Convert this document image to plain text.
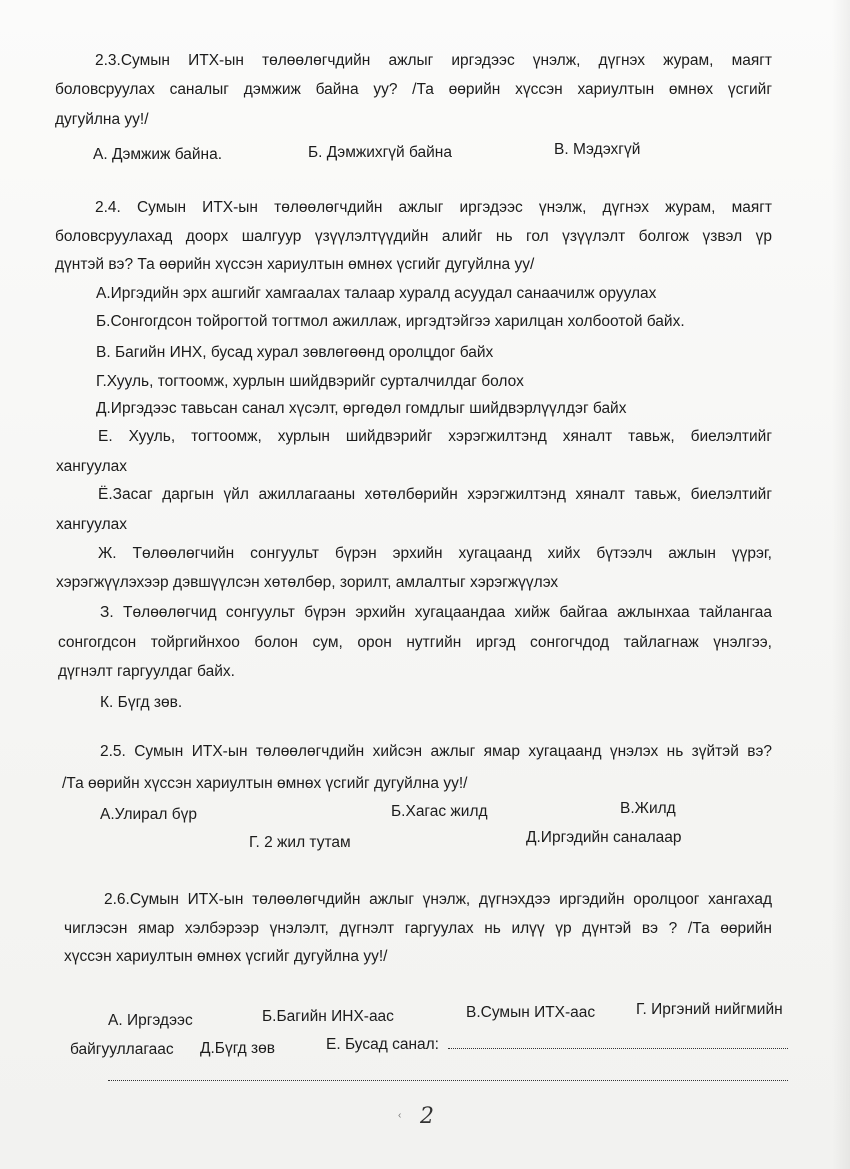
2.3.Сумын ИТХ-ын төлөөлөгчдийн ажлыг иргэдээс үнэлж, дүгнэх журам, маягт
боловсруулах саналыг дэмжиж байна уу? /Та өөрийн хүссэн хариултын өмнөх үсгийг
дугуйлна уу!/
А. Дэмжиж байна.	Б. Дэмжихгүй байна	В. Мэдэхгүй
2.4. Сумын ИТХ-ын төлөөлөгчдийн ажлыг иргэдээс үнэлж, дүгнэх журам, маягт
боловсруулахад доорх шалгуур үзүүлэлтүүдийн алийг нь гол үзүүлэлт болгож үзвэл үр
дүнтэй вэ? Та өөрийн хүссэн хариултын өмнөх үсгийг дугуйлна уу/
А.Иргэдийн эрх ашгийг хамгаалах талаар хуралд асуудал санаачилж оруулах
Б.Сонгогдсон тойрогтой тогтмол ажиллаж, иргэдтэйгээ харилцан холбоотой байх.
В. Багийн ИНХ, бусад хурал зөвлөгөөнд оролцдог байх
Г.Хууль, тогтоомж, хурлын шийдвэрийг сурталчилдаг болох
Д.Иргэдээс тавьсан санал хүсэлт, өргөдөл гомдлыг шийдвэрлүүлдэг байх
Е. Хууль, тогтоомж, хурлын шийдвэрийг хэрэгжилтэнд хяналт тавьж, биелэлтийг
хангуулах
Ё.Засаг даргын үйл ажиллагааны хөтөлбөрийн хэрэгжилтэнд хяналт тавьж, биелэлтийг
хангуулах
Ж. Төлөөлөгчийн сонгуульт бүрэн эрхийн хугацаанд хийх бүтээлч ажлын үүрэг,
хэрэгжүүлэхээр дэвшүүлсэн хөтөлбөр, зорилт, амлалтыг хэрэгжүүлэх
З. Төлөөлөгчид сонгуульт бүрэн эрхийн хугацаандаа хийж байгаа ажлынхаа тайлангаа
сонгогдсон тойргийнхоо болон сум, орон нутгийн иргэд сонгогчдод тайлагнаж үнэлгээ,
дүгнэлт гаргуулдаг байх.
К. Бүгд зөв.
2.5. Сумын ИТХ-ын төлөөлөгчдийн хийсэн ажлыг ямар хугацаанд үнэлэх нь зүйтэй вэ?
/Та өөрийн хүссэн хариултын өмнөх үсгийг дугуйлна уу!/
А.Улирал бүр	Б.Хагас жилд	В.Жилд
Г. 2 жил тутам	Д.Иргэдийн саналаар
2.6.Сумын ИТХ-ын төлөөлөгчдийн ажлыг үнэлж, дүгнэхдээ иргэдийн оролцоог хангахад
чиглэсэн ямар хэлбэрээр үнэлэлт, дүгнэлт гаргуулах нь илүү үр дүнтэй вэ ? /Та өөрийн
хүссэн хариултын өмнөх үсгийг дугуйлна уу!/
А. Иргэдээс	Б.Багийн ИНХ-аас	В.Сумын ИТХ-аас	Г. Иргэний нийгмийн
байгууллагаас Д.Бүгд зөв	Е. Бусад санал:
‹ 2
